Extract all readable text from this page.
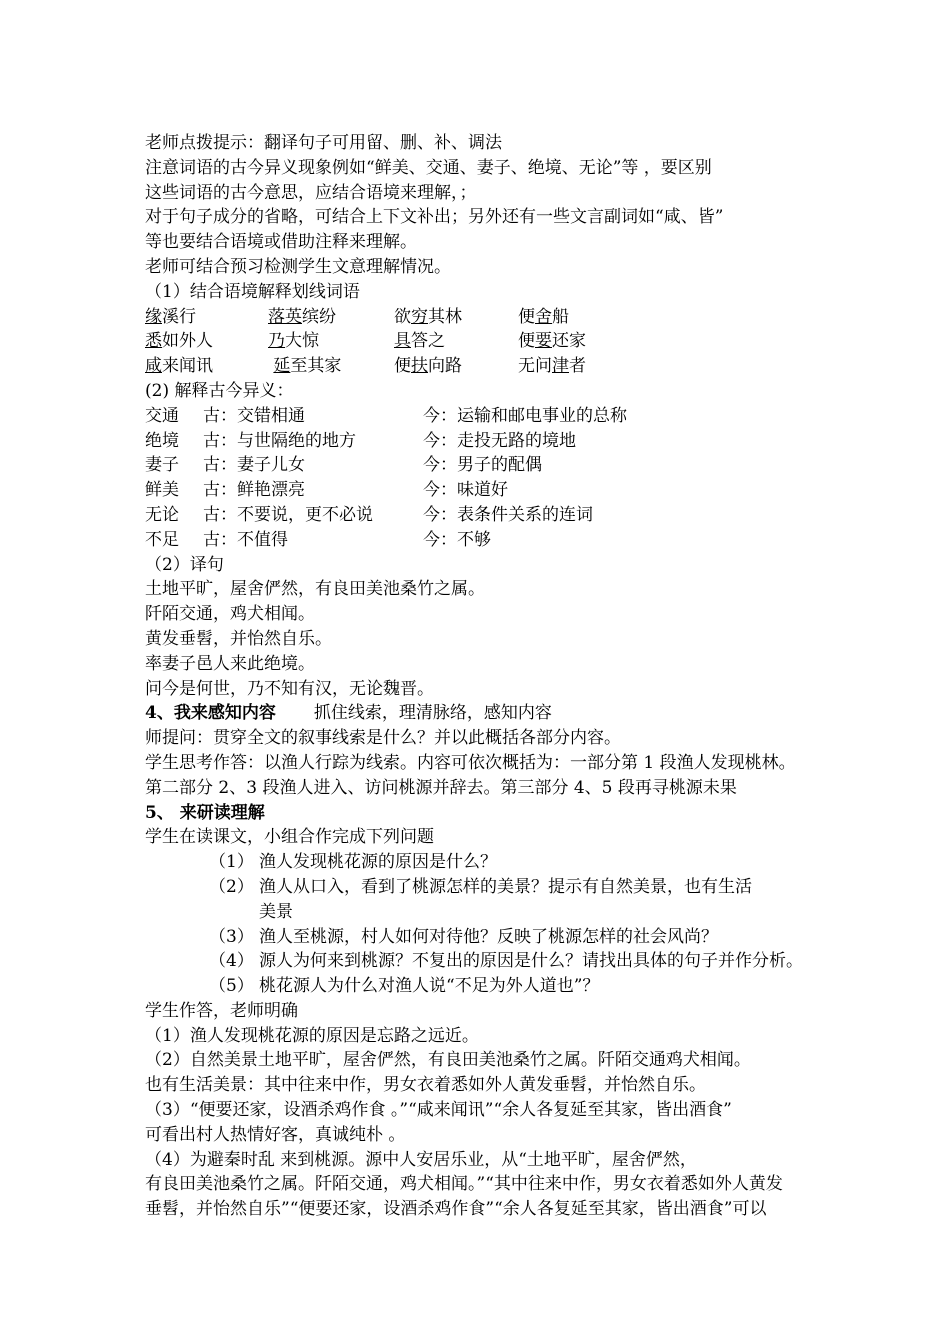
老师点拨提示：翻译句子可用留、删、补、调法
注意词语的古今异义现象例如“鲜美、交通、妻子、绝境、无论”等 ，要区别
这些词语的古今意思，应结合语境来理解，；
对于句子成分的省略，可结合上下文补出；另外还有一些文言副词如“咸、皆”
等也要结合语境或借助注释来理解。
老师可结合预习检测学生文意理解情况。
（1）结合语境解释划线词语
缘溪行	落英缤纷	欲穷其林	便舍船
悉如外人	乃大惊	具答之	便要还家
咸来闻讯	延至其家	便扶向路	无问津者
(2) 解释古今异义：
交通 古：交错相通	今：运输和邮电事业的总称
绝境 古：与世隔绝的地方	今：走投无路的境地
妻子 古：妻子儿女	今：男子的配偶
鲜美 古：鲜艳漂亮	今：味道好
无论 古：不要说，更不必说	今：表条件关系的连词
不足 古：不值得	今：不够
（2）译句
土地平旷，屋舍俨然，有良田美池桑竹之属。
阡陌交通，鸡犬相闻。
黄发垂髫，并怡然自乐。
率妻子邑人来此绝境。
问今是何世，乃不知有汉，无论魏晋。
4、我来感知内容 抓住线索，理清脉络，感知内容
师提问：贯穿全文的叙事线索是什么？并以此概括各部分内容。
学生思考作答：以渔人行踪为线索。内容可依次概括为：一部分第 1 段渔人发现桃林。
第二部分 2、3 段渔人进入、访问桃源并辞去。第三部分 4、5 段再寻桃源未果
5、 来研读理解
学生在读课文，小组合作完成下列问题
（1） 渔人发现桃花源的原因是什么？
（2） 渔人从口入，看到了桃源怎样的美景？提示有自然美景，也有生活
美景
（3） 渔人至桃源，村人如何对待他？反映了桃源怎样的社会风尚？
（4） 源人为何来到桃源？不复出的原因是什么？请找出具体的句子并作分析。
（5） 桃花源人为什么对渔人说“不足为外人道也”？
学生作答，老师明确
（1）渔人发现桃花源的原因是忘路之远近。
（2）自然美景土地平旷，屋舍俨然，有良田美池桑竹之属。阡陌交通鸡犬相闻。
也有生活美景：其中往来中作，男女衣着悉如外人黄发垂髫，并怡然自乐。
（3）“便要还家，设酒杀鸡作食 。”“咸来闻讯”“余人各复延至其家，皆出酒食”
可看出村人热情好客，真诚纯朴 。
（4）为避秦时乱 来到桃源。源中人安居乐业，从“土地平旷，屋舍俨然，
有良田美池桑竹之属。阡陌交通，鸡犬相闻。”“其中往来中作，男女衣着悉如外人黄发
垂髫，并怡然自乐”“便要还家，设酒杀鸡作食”“余人各复延至其家，皆出酒食”可以
